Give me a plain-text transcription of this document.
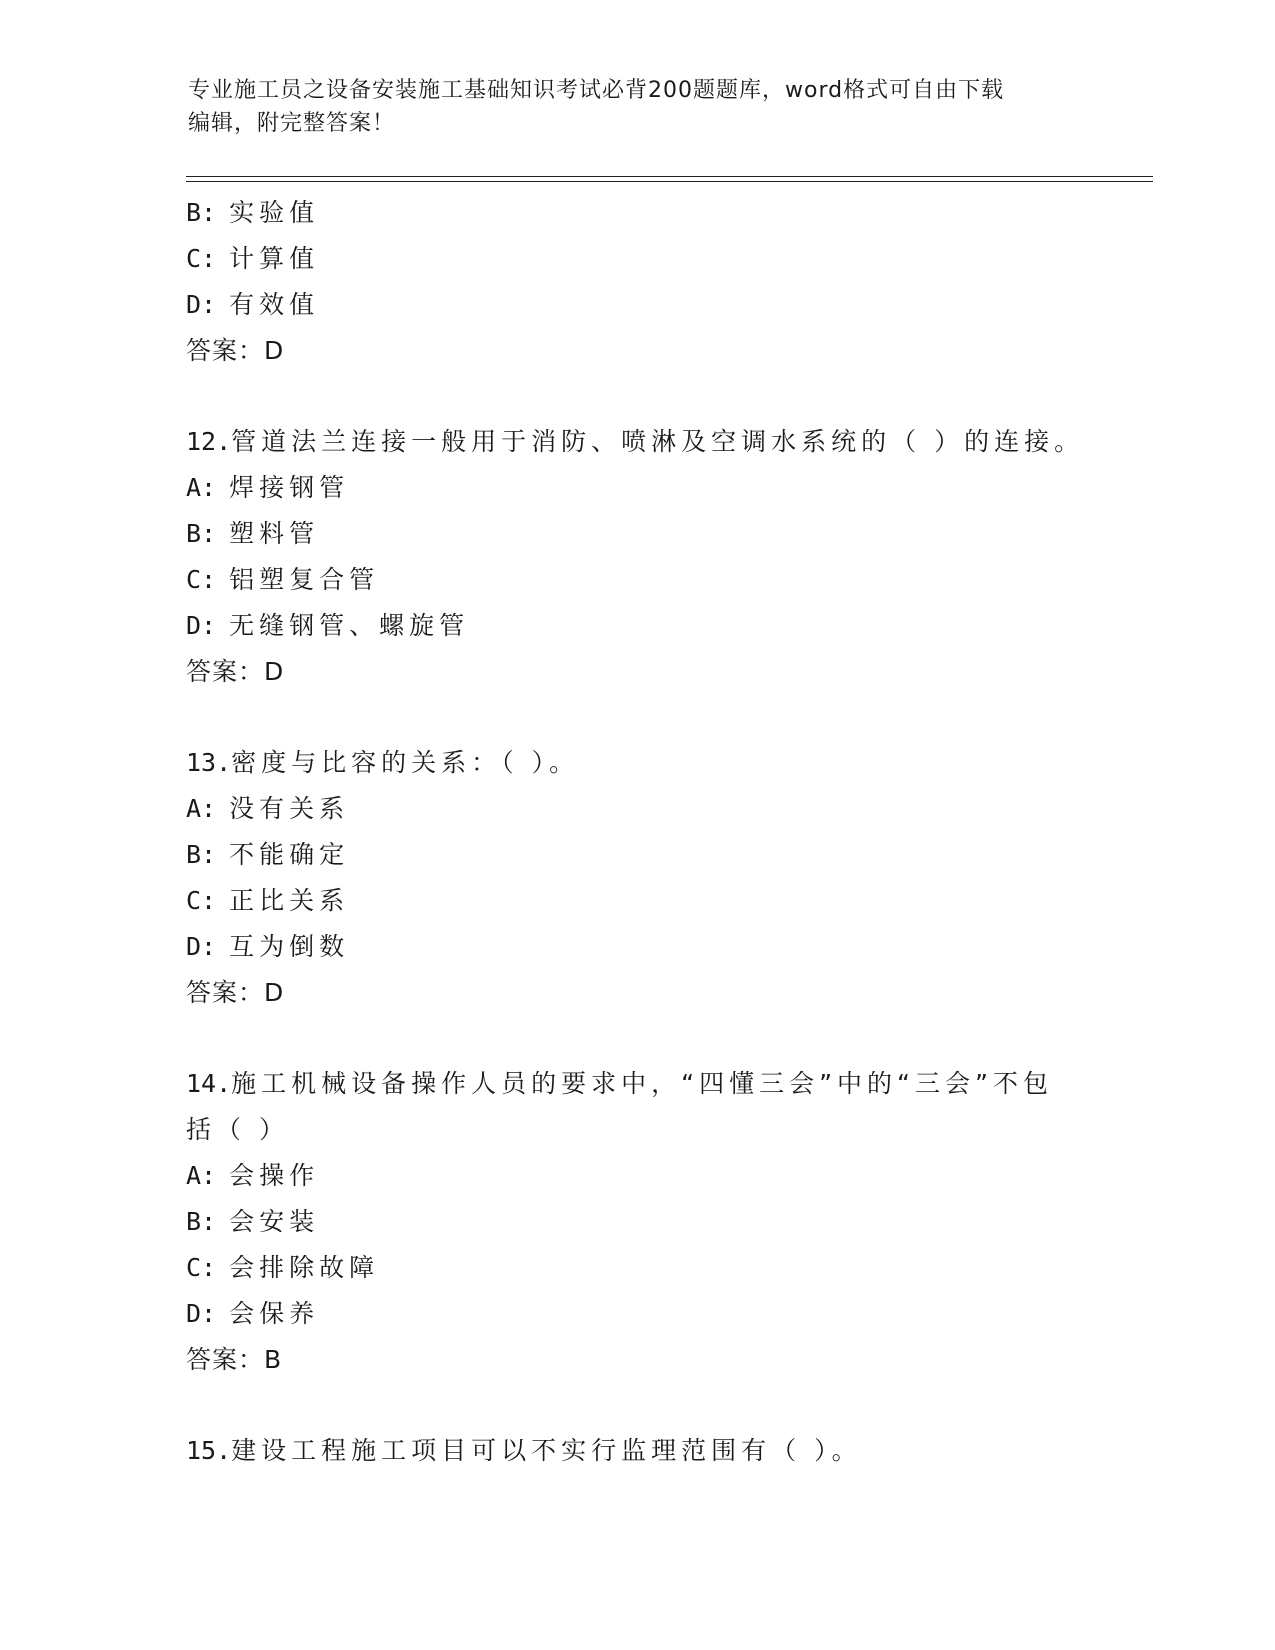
专业施工员之设备安装施工基础知识考试必背200题题库，word格式可自由下载
编辑，附完整答案！
B: 实验值
C: 计算值
D: 有效值
答案：D
12.管道法兰连接一般用于消防、喷淋及空调水系统的（ ）的连接。
A: 焊接钢管
B: 塑料管
C: 铝塑复合管
D: 无缝钢管、螺旋管
答案：D
13.密度与比容的关系：（ ）。
A: 没有关系
B: 不能确定
C: 正比关系
D: 互为倒数
答案：D
14.施工机械设备操作人员的要求中，“四懂三会”中的“三会”不包
括（ ）
A: 会操作
B: 会安装
C: 会排除故障
D: 会保养
答案：B
15.建设工程施工项目可以不实行监理范围有（ ）。
